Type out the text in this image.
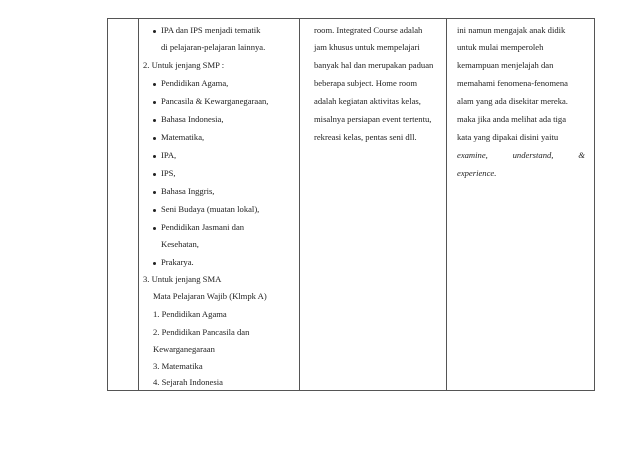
IPA dan IPS menjadi tematik
di pelajaran-pelajaran lainnya.
2. Untuk jenjang SMP :
Pendidikan Agama,
Pancasila & Kewarganegaraan,
Bahasa Indonesia,
Matematika,
IPA,
IPS,
Bahasa Inggris,
Seni Budaya (muatan lokal),
Pendidikan Jasmani dan
Kesehatan,
Prakarya.
3. Untuk jenjang SMA
Mata Pelajaran Wajib (Klmpk A)
1. Pendidikan Agama
2. Pendidikan Pancasila dan
Kewarganegaraan
3. Matematika
4. Sejarah Indonesia

room. Integrated Course adalah
jam khusus untuk mempelajari
banyak hal dan merupakan paduan
beberapa subject. Home room
adalah kegiatan aktivitas kelas,
misalnya persiapan event tertentu,
rekreasi kelas, pentas seni dll.

ini namun mengajak anak didik
untuk mulai memperoleh
kemampuan menjelajah dan
memahami fenomena-fenomena
alam yang ada disekitar mereka.
maka jika anda melihat ada tiga
kata yang dipakai disini yaitu
examine,	understand,	&
experience.
